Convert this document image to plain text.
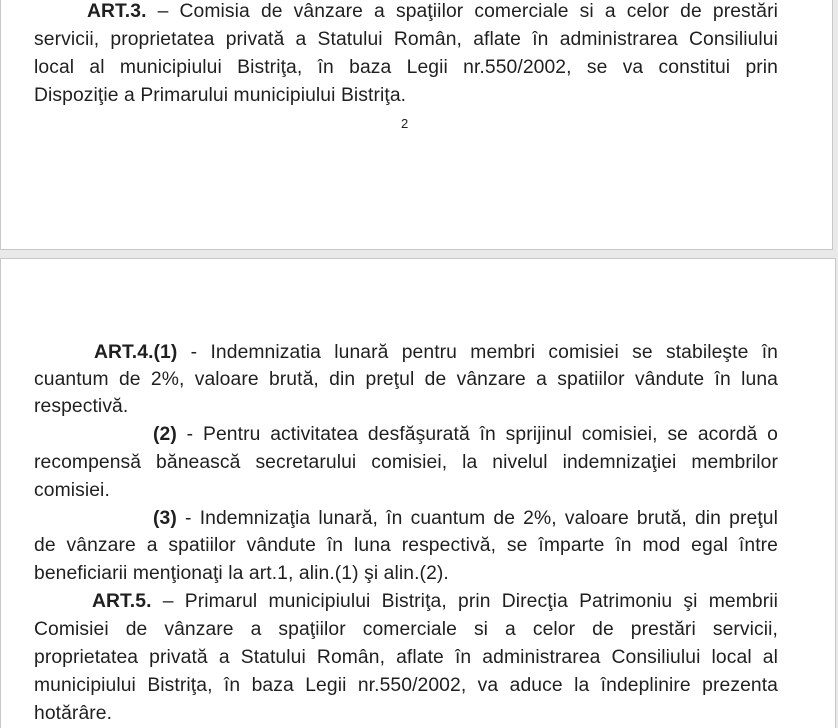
ART.3. – Comisia de vânzare a spaţiilor comerciale si a celor de prestări
servicii, proprietatea privată a Statului Român, aflate în administrarea Consiliului
local al municipiului Bistriţa, în baza Legii nr.550/2002, se va constitui prin
Dispoziţie a Primarului municipiului Bistriţa.
2
ART.4.(1) - Indemnizatia lunară pentru membri comisiei se stabileşte în
cuantum de 2%, valoare brută, din preţul de vânzare a spatiilor vândute în luna
respectivă.
(2) - Pentru activitatea desfăşurată în sprijinul comisiei, se acordă o
recompensă bănească secretarului comisiei, la nivelul indemnizaţiei membrilor
comisiei.
(3) - Indemnizaţia lunară, în cuantum de 2%, valoare brută, din preţul
de vânzare a spatiilor vândute în luna respectivă, se împarte în mod egal între
beneficiarii menţionaţi la art.1, alin.(1) şi alin.(2).
ART.5. – Primarul municipiului Bistriţa, prin Direcţia Patrimoniu şi membrii
Comisiei de vânzare a spaţiilor comerciale si a celor de prestări servicii,
proprietatea privată a Statului Român, aflate în administrarea Consiliului local al
municipiului Bistriţa, în baza Legii nr.550/2002, va aduce la îndeplinire prezenta
hotărâre.
